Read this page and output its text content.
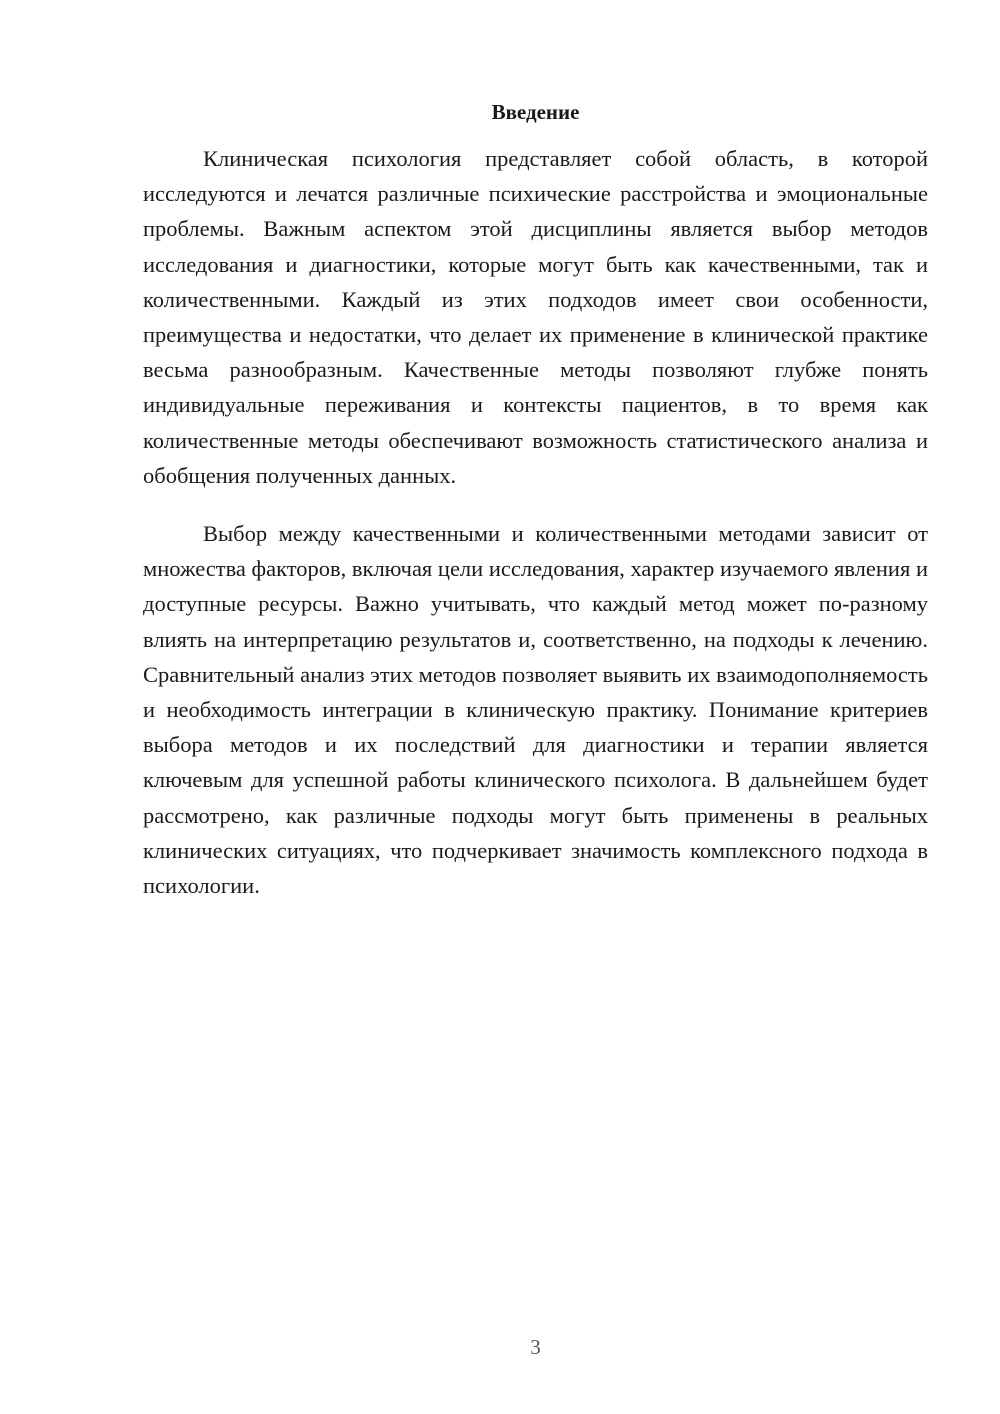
Введение

Клиническая психология представляет собой область, в которой исследуются и лечатся различные психические расстройства и эмоциональные проблемы. Важным аспектом этой дисциплины является выбор методов исследования и диагностики, которые могут быть как качественными, так и количественными. Каждый из этих подходов имеет свои особенности, преимущества и недостатки, что делает их применение в клинической практике весьма разнообразным. Качественные методы позволяют глубже понять индивидуальные переживания и контексты пациентов, в то время как количественные методы обеспечивают возможность статистического анализа и обобщения полученных данных.

Выбор между качественными и количественными методами зависит от множества факторов, включая цели исследования, характер изучаемого явления и доступные ресурсы. Важно учитывать, что каждый метод может по-разному влиять на интерпретацию результатов и, соответственно, на подходы к лечению. Сравнительный анализ этих методов позволяет выявить их взаимодополняемость и необходимость интеграции в клиническую практику. Понимание критериев выбора методов и их последствий для диагностики и терапии является ключевым для успешной работы клинического психолога. В дальнейшем будет рассмотрено, как различные подходы могут быть применены в реальных клинических ситуациях, что подчеркивает значимость комплексного подхода в психологии.

3
